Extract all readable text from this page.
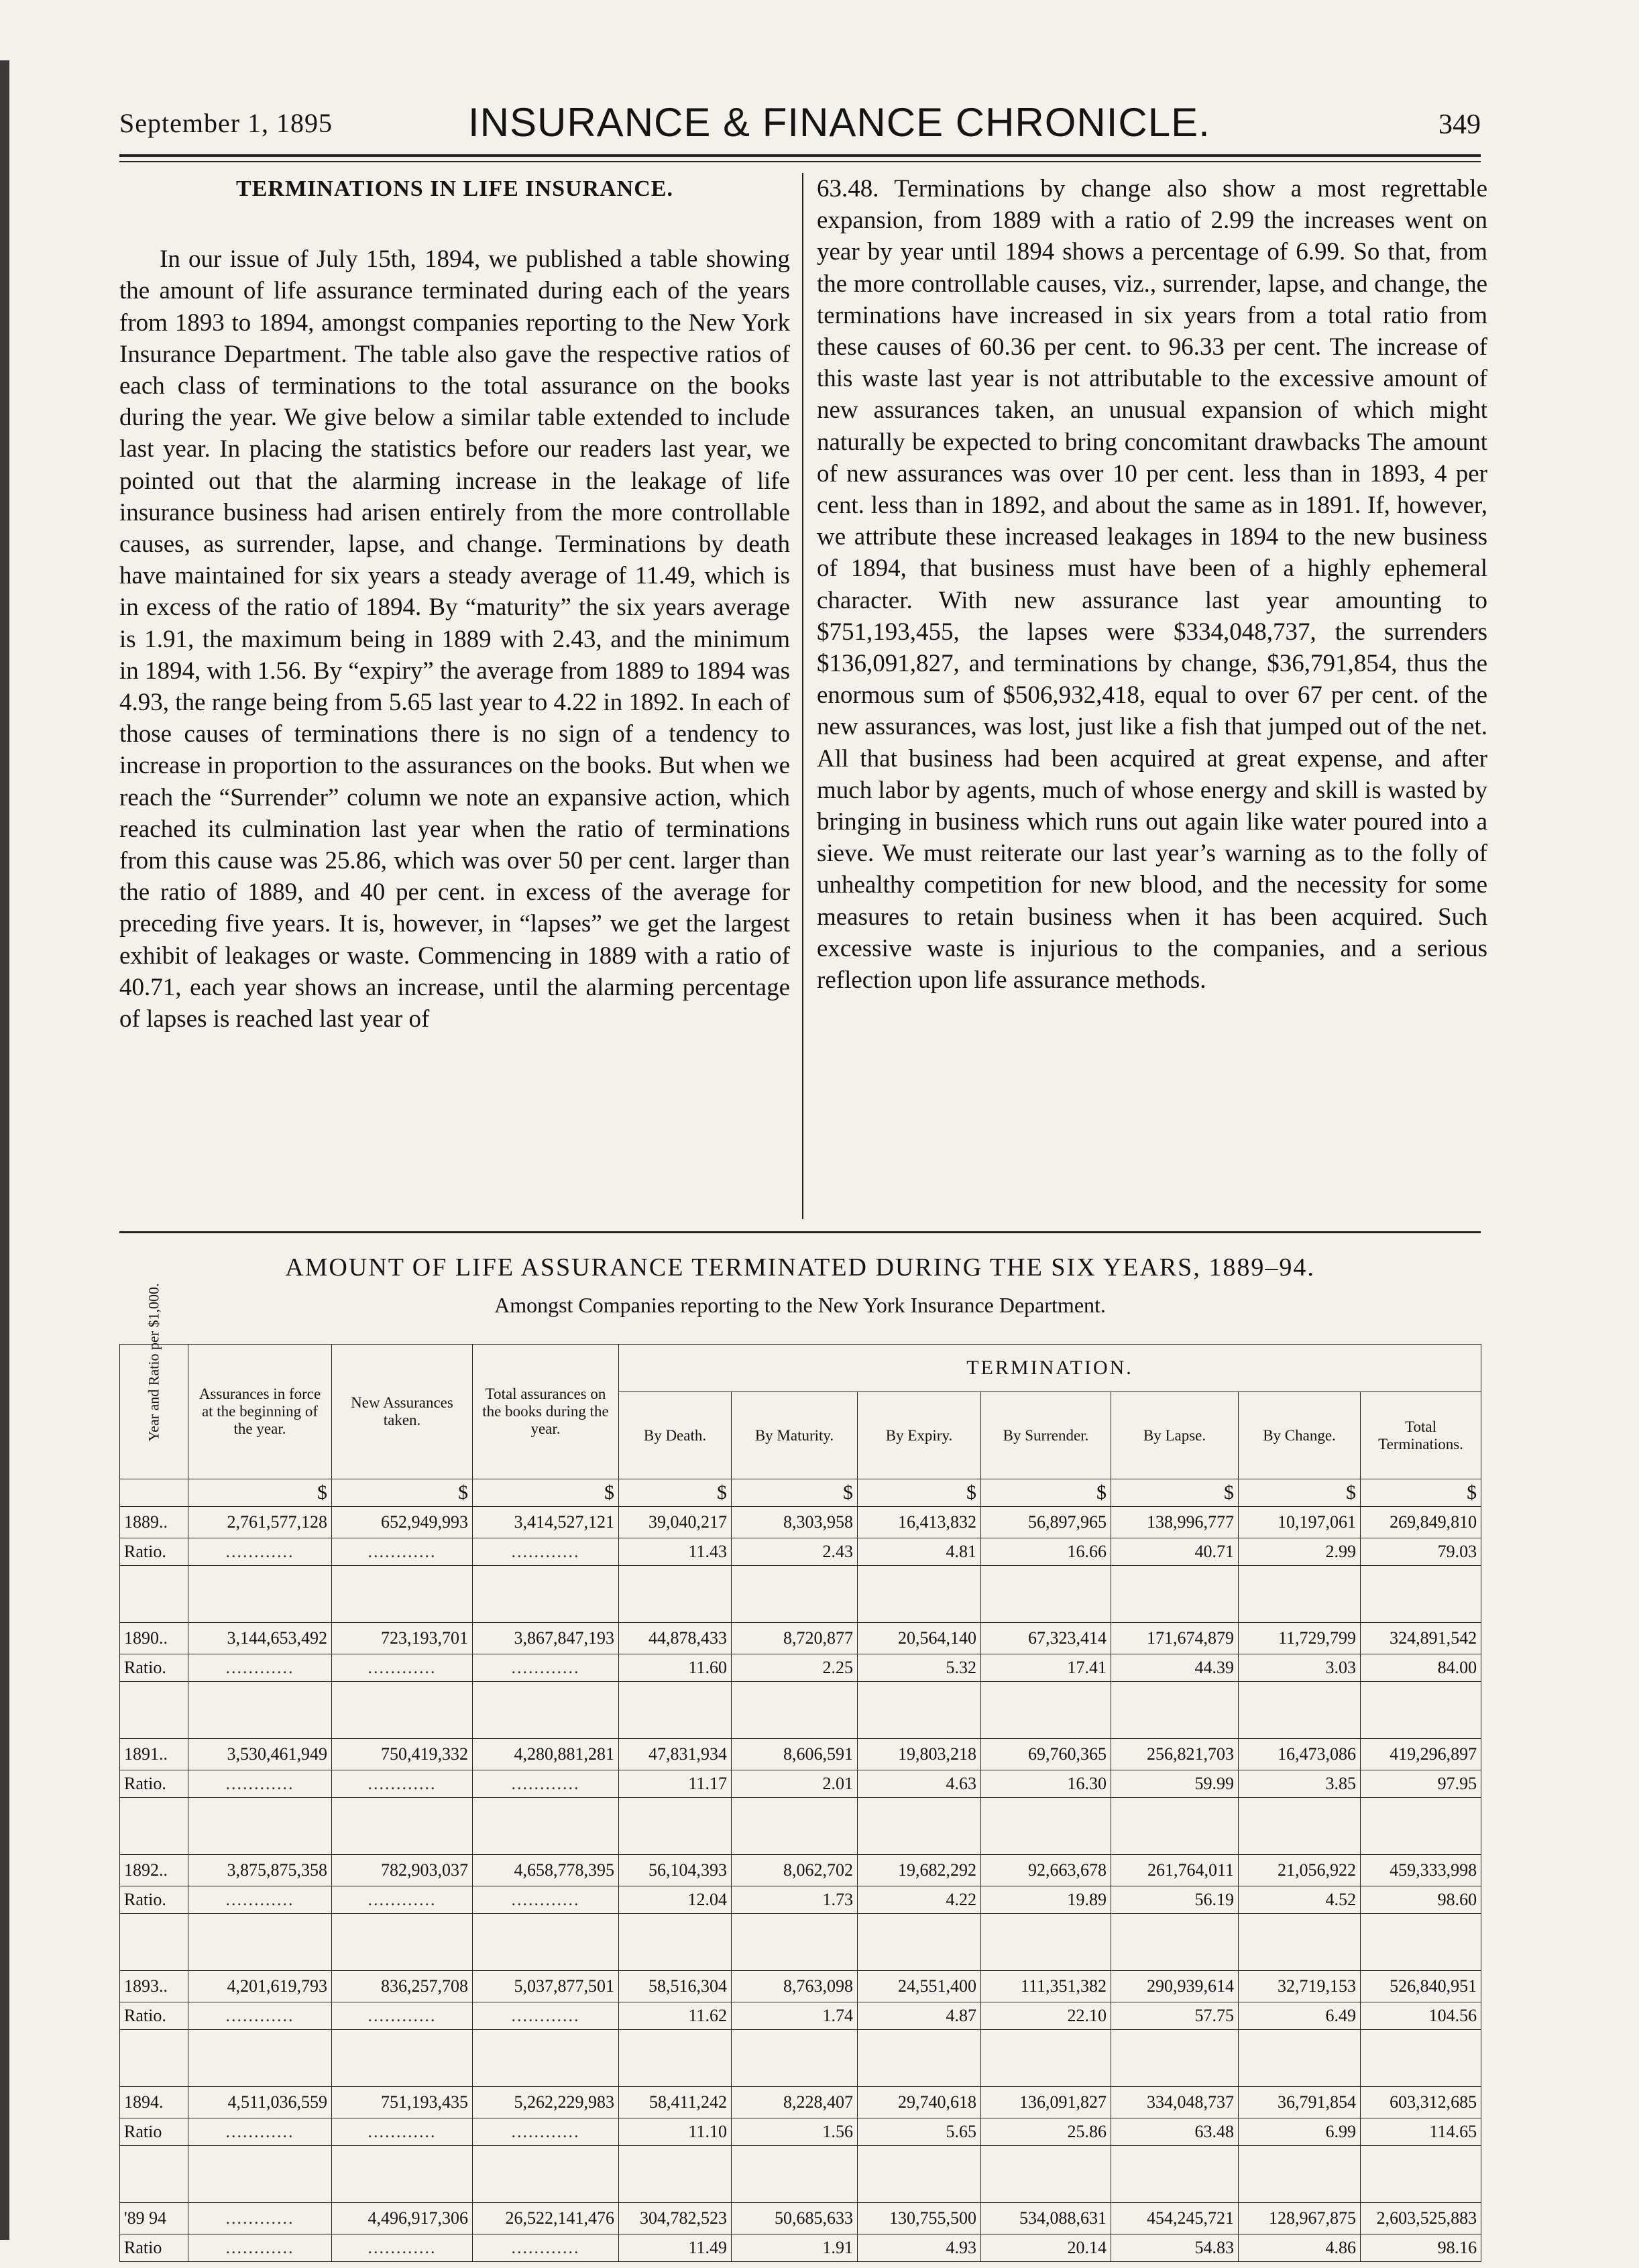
September 1, 1895	INSURANCE & FINANCE CHRONICLE.	349

TERMINATIONS IN LIFE INSURANCE.

In our issue of July 15th, 1894, we published a table showing the amount of life assurance terminated during each of the years from 1893 to 1894, amongst companies reporting to the New York Insurance Department. The table also gave the respective ratios of each class of terminations to the total assurance on the books during the year. We give below a similar table extended to include last year. In placing the statistics before our readers last year, we pointed out that the alarming increase in the leakage of life insurance business had arisen entirely from the more controllable causes, as surrender, lapse, and change. Terminations by death have maintained for six years a steady average of 11.49, which is in excess of the ratio of 1894. By “maturity” the six years average is 1.91, the maximum being in 1889 with 2.43, and the minimum in 1894, with 1.56. By “expiry” the average from 1889 to 1894 was 4.93, the range being from 5.65 last year to 4.22 in 1892. In each of those causes of terminations there is no sign of a tendency to increase in proportion to the assurances on the books. But when we reach the “Surrender” column we note an expansive action, which reached its culmination last year when the ratio of terminations from this cause was 25.86, which was over 50 per cent. larger than the ratio of 1889, and 40 per cent. in excess of the average for preceding five years. It is, however, in “lapses” we get the largest exhibit of leakages or waste. Commencing in 1889 with a ratio of 40.71, each year shows an increase, until the alarming percentage of lapses is reached last year of

63.48. Terminations by change also show a most regrettable expansion, from 1889 with a ratio of 2.99 the increases went on year by year until 1894 shows a percentage of 6.99. So that, from the more controllable causes, viz., surrender, lapse, and change, the terminations have increased in six years from a total ratio from these causes of 60.36 per cent. to 96.33 per cent. The increase of this waste last year is not attributable to the excessive amount of new assurances taken, an unusual expansion of which might naturally be expected to bring concomitant drawbacks The amount of new assurances was over 10 per cent. less than in 1893, 4 per cent. less than in 1892, and about the same as in 1891. If, however, we attribute these increased leakages in 1894 to the new business of 1894, that business must have been of a highly ephemeral character. With new assurance last year amounting to $751,193,455, the lapses were $334,048,737, the surrenders $136,091,827, and terminations by change, $36,791,854, thus the enormous sum of $506,932,418, equal to over 67 per cent. of the new assurances, was lost, just like a fish that jumped out of the net. All that business had been acquired at great expense, and after much labor by agents, much of whose energy and skill is wasted by bringing in business which runs out again like water poured into a sieve. We must reiterate our last year’s warning as to the folly of unhealthy competition for new blood, and the necessity for some measures to retain business when it has been acquired. Such excessive waste is injurious to the companies, and a serious reflection upon life assurance methods.

AMOUNT OF LIFE ASSURANCE TERMINATED DURING THE SIX YEARS, 1889–94.
Amongst Companies reporting to the New York Insurance Department.
Year and Ratio per $1,000.	Assurances in force at the beginning of the year.	New Assurances taken.	Total assurances on the books during the year.	TERMINATION.						
				By Death.	By Maturity.	By Expiry.	By Surrender.	By Lapse.	By Change.	Total Terminations.
	$	$	$	$	$	$	$	$	$	$
1889..	2,761,577,128	652,949,993	3,414,527,121	39,040,217	8,303,958	16,413,832	56,897,965	138,996,777	10,197,061	269,849,810
Ratio.	............	............	............	11.43	2.43	4.81	16.66	40.71	2.99	79.03

1890..	3,144,653,492	723,193,701	3,867,847,193	44,878,433	8,720,877	20,564,140	67,323,414	171,674,879	11,729,799	324,891,542
Ratio.	............	............	............	11.60	2.25	5.32	17.41	44.39	3.03	84.00

1891..	3,530,461,949	750,419,332	4,280,881,281	47,831,934	8,606,591	19,803,218	69,760,365	256,821,703	16,473,086	419,296,897
Ratio.	............	............	............	11.17	2.01	4.63	16.30	59.99	3.85	97.95

1892..	3,875,875,358	782,903,037	4,658,778,395	56,104,393	8,062,702	19,682,292	92,663,678	261,764,011	21,056,922	459,333,998
Ratio.	............	............	............	12.04	1.73	4.22	19.89	56.19	4.52	98.60

1893..	4,201,619,793	836,257,708	5,037,877,501	58,516,304	8,763,098	24,551,400	111,351,382	290,939,614	32,719,153	526,840,951
Ratio.	............	............	............	11.62	1.74	4.87	22.10	57.75	6.49	104.56

1894.	4,511,036,559	751,193,435	5,262,229,983	58,411,242	8,228,407	29,740,618	136,091,827	334,048,737	36,791,854	603,312,685
Ratio	............	............	............	11.10	1.56	5.65	25.86	63.48	6.99	114.65

'89 94	............	4,496,917,306	26,522,141,476	304,782,523	50,685,633	130,755,500	534,088,631	454,245,721	128,967,875	2,603,525,883
Ratio	............	............	............	11.49	1.91	4.93	20.14	54.83	4.86	98.16
